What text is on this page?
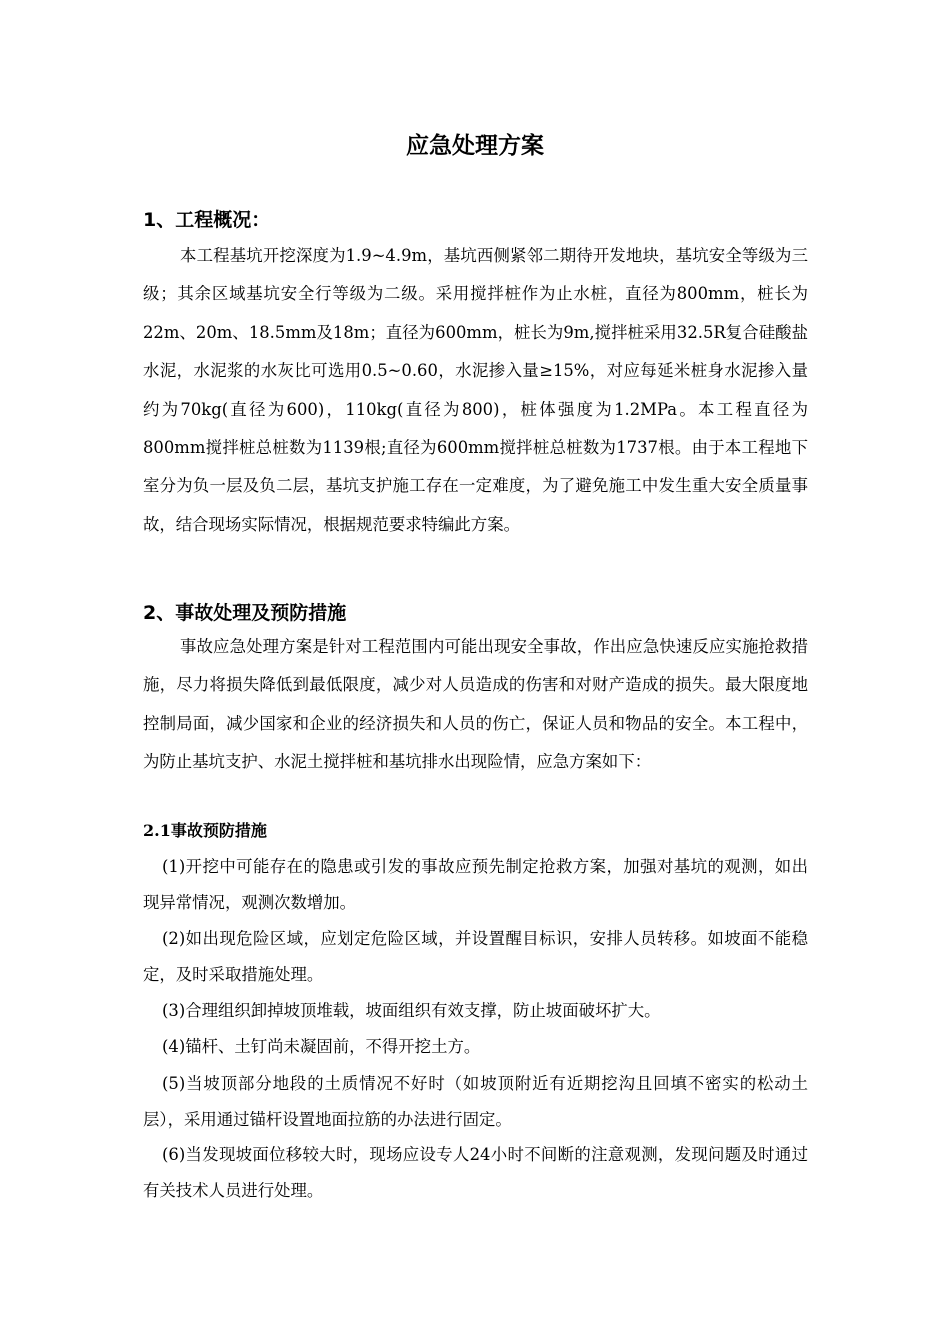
应急处理方案
1、工程概况：

本工程基坑开挖深度为1.9~4.9m，基坑西侧紧邻二期待开发地块，基坑安全等级为三级；其余区域基坑安全行等级为二级。采用搅拌桩作为止水桩，直径为800mm，桩长为22m、20m、18.5mm及18m；直径为600mm，桩长为9m,搅拌桩采用32.5R复合硅酸盐水泥，水泥浆的水灰比可选用0.5~0.60，水泥掺入量≥15%，对应每延米桩身水泥掺入量约为70kg(直径为600)，110kg(直径为800)，桩体强度为1.2MPa。本工程直径为800mm搅拌桩总桩数为1139根;直径为600mm搅拌桩总桩数为1737根。由于本工程地下室分为负一层及负二层，基坑支护施工存在一定难度，为了避免施工中发生重大安全质量事故，结合现场实际情况，根据规范要求特编此方案。

2、事故处理及预防措施

事故应急处理方案是针对工程范围内可能出现安全事故，作出应急快速反应实施抢救措施，尽力将损失降低到最低限度，减少对人员造成的伤害和对财产造成的损失。最大限度地控制局面，减少国家和企业的经济损失和人员的伤亡，保证人员和物品的安全。本工程中，为防止基坑支护、水泥土搅拌桩和基坑排水出现险情，应急方案如下：

2.1事故预防措施

(1)开挖中可能存在的隐患或引发的事故应预先制定抢救方案，加强对基坑的观测，如出现异常情况，观测次数增加。

(2)如出现危险区域，应划定危险区域，并设置醒目标识，安排人员转移。如坡面不能稳定，及时采取措施处理。

(3)合理组织卸掉坡顶堆载，坡面组织有效支撑，防止坡面破坏扩大。

(4)锚杆、土钉尚未凝固前，不得开挖土方。

(5)当坡顶部分地段的土质情况不好时（如坡顶附近有近期挖沟且回填不密实的松动土层），采用通过锚杆设置地面拉筋的办法进行固定。

(6)当发现坡面位移较大时，现场应设专人24小时不间断的注意观测，发现问题及时通过有关技术人员进行处理。
